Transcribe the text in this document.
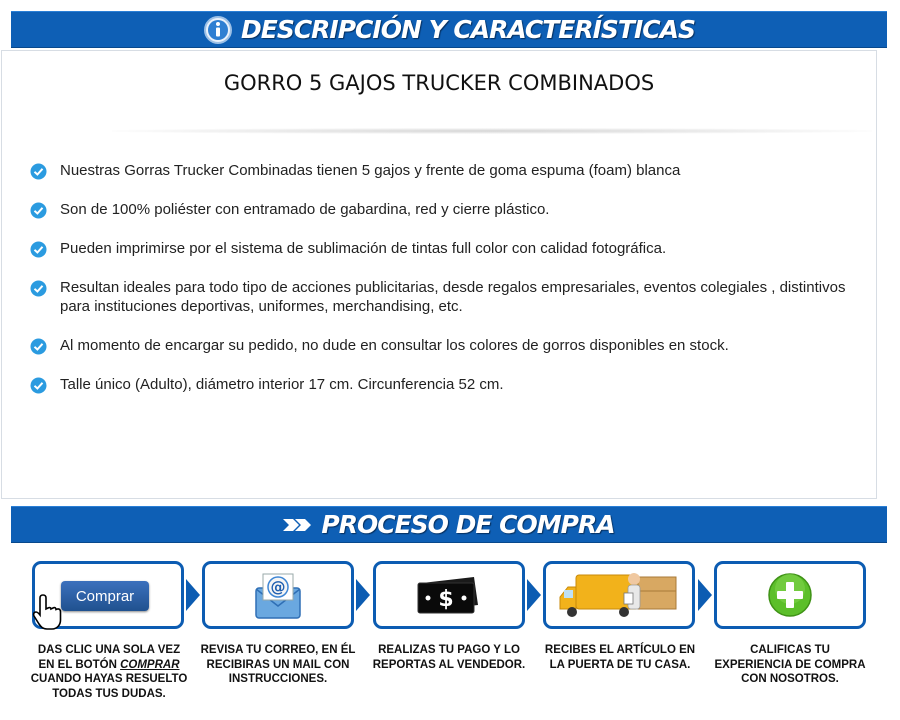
DESCRIPCIÓN Y CARACTERÍSTICAS
GORRO 5 GAJOS TRUCKER COMBINADOS
Nuestras Gorras Trucker Combinadas tienen 5 gajos y frente de goma espuma (foam) blanca
Son de 100% poliéster con entramado de gabardina, red y cierre plástico.
Pueden imprimirse por el sistema de sublimación de tintas full color con calidad fotográfica.
Resultan ideales para todo tipo de acciones publicitarias, desde regalos empresariales, eventos colegiales , distintivos para instituciones deportivas, uniformes, merchandising, etc.
Al momento de encargar su pedido, no dude en consultar los colores de gorros disponibles en stock.
Talle único (Adulto), diámetro interior 17 cm. Circunferencia 52 cm.
PROCESO DE COMPRA
Comprar	@	$
DAS CLIC UNA SOLA VEZ EN EL BOTÓN COMPRAR CUANDO HAYAS RESUELTO TODAS TUS DUDAS.
REVISA TU CORREO, EN ÉL RECIBIRAS UN MAIL CON INSTRUCCIONES.
REALIZAS TU PAGO Y LO REPORTAS AL VENDEDOR.
RECIBES EL ARTÍCULO EN LA PUERTA DE TU CASA.
CALIFICAS TU EXPERIENCIA DE COMPRA CON NOSOTROS.
